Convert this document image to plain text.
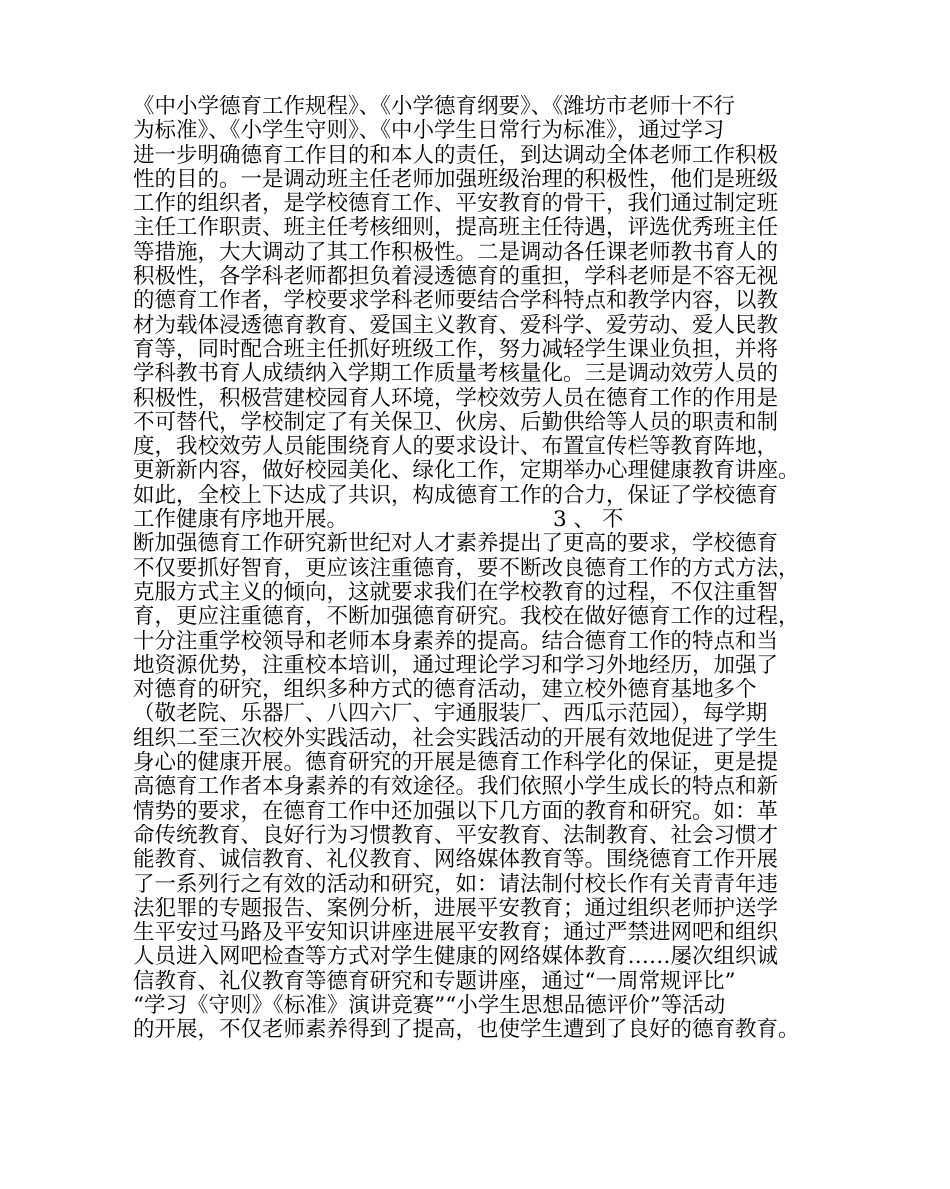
《中小学德育工作规程》、《小学德育纲要》、《潍坊市老师十不行
为标准》、《小学生守则》、《中小学生日常行为标准》，通过学习
进一步明确德育工作目的和本人的责任，到达调动全体老师工作积极
性的目的。一是调动班主任老师加强班级治理的积极性，他们是班级
工作的组织者，是学校德育工作、平安教育的骨干，我们通过制定班
主任工作职责、班主任考核细则，提高班主任待遇，评选优秀班主任
等措施，大大调动了其工作积极性。二是调动各任课老师教书育人的
积极性，各学科老师都担负着浸透德育的重担，学科老师是不容无视
的德育工作者，学校要求学科老师要结合学科特点和教学内容，以教
材为载体浸透德育教育、爱国主义教育、爱科学、爱劳动、爱人民教
育等，同时配合班主任抓好班级工作，努力减轻学生课业负担，并将
学科教书育人成绩纳入学期工作质量考核量化。三是调动效劳人员的
积极性，积极营建校园育人环境，学校效劳人员在德育工作的作用是
不可替代，学校制定了有关保卫、伙房、后勤供给等人员的职责和制
度，我校效劳人员能围绕育人的要求设计、布置宣传栏等教育阵地，
更新新内容，做好校园美化、绿化工作，定期举办心理健康教育讲座。
如此，全校上下达成了共识，构成德育工作的合力，保证了学校德育
工作健康有序地开展。                              3 、 不
断加强德育工作研究新世纪对人才素养提出了更高的要求，学校德育
不仅要抓好智育，更应该注重德育，要不断改良德育工作的方式方法，
克服方式主义的倾向，这就要求我们在学校教育的过程，不仅注重智
育，更应注重德育，不断加强德育研究。我校在做好德育工作的过程，
十分注重学校领导和老师本身素养的提高。结合德育工作的特点和当
地资源优势，注重校本培训，通过理论学习和学习外地经历，加强了
对德育的研究，组织多种方式的德育活动，建立校外德育基地多个
（敬老院、乐器厂、八四六厂、宇通服装厂、西瓜示范园），每学期
组织二至三次校外实践活动，社会实践活动的开展有效地促进了学生
身心的健康开展。德育研究的开展是德育工作科学化的保证，更是提
高德育工作者本身素养的有效途径。我们依照小学生成长的特点和新
情势的要求，在德育工作中还加强以下几方面的教育和研究。如：革
命传统教育、良好行为习惯教育、平安教育、法制教育、社会习惯才
能教育、诚信教育、礼仪教育、网络媒体教育等。围绕德育工作开展
了一系列行之有效的活动和研究，如：请法制付校长作有关青青年违
法犯罪的专题报告、案例分析，进展平安教育；通过组织老师护送学
生平安过马路及平安知识讲座进展平安教育；通过严禁进网吧和组织
人员进入网吧检查等方式对学生健康的网络媒体教育……屡次组织诚
信教育、礼仪教育等德育研究和专题讲座，通过“一周常规评比”
“学习《守则》《标准》演讲竞赛”“小学生思想品德评价”等活动
的开展，不仅老师素养得到了提高，也使学生遭到了良好的德育教育。
